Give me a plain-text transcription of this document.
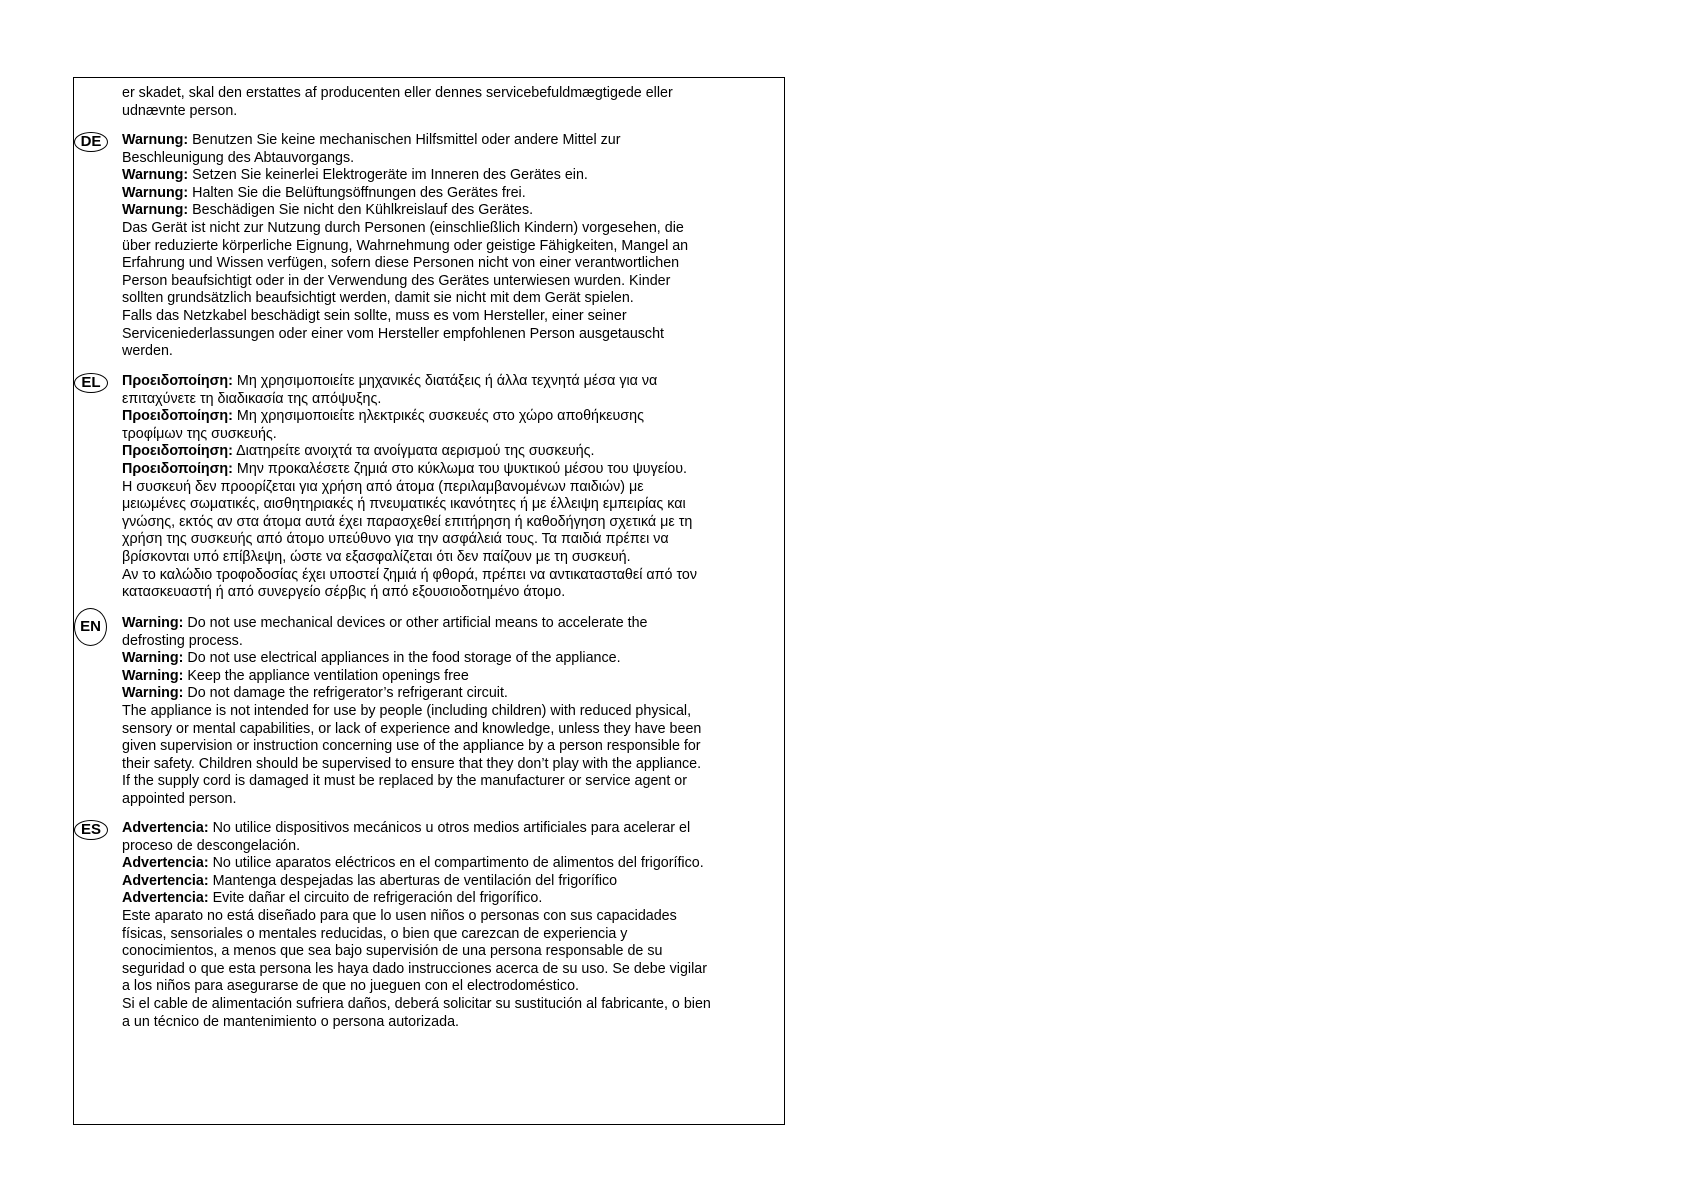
er skadet, skal den erstattes af producenten eller dennes servicebefuldmægtigede eller
udnævnte person.
DE	Warnung: Benutzen Sie keine mechanischen Hilfsmittel oder andere Mittel zur
Beschleunigung des Abtauvorgangs.
Warnung: Setzen Sie keinerlei Elektrogeräte im Inneren des Gerätes ein.
Warnung: Halten Sie die Belüftungsöffnungen des Gerätes frei.
Warnung: Beschädigen Sie nicht den Kühlkreislauf des Gerätes.
Das Gerät ist nicht zur Nutzung durch Personen (einschließlich Kindern) vorgesehen, die
über reduzierte körperliche Eignung, Wahrnehmung oder geistige Fähigkeiten, Mangel an
Erfahrung und Wissen verfügen, sofern diese Personen nicht von einer verantwortlichen
Person beaufsichtigt oder in der Verwendung des Gerätes unterwiesen wurden. Kinder
sollten grundsätzlich beaufsichtigt werden, damit sie nicht mit dem Gerät spielen.
Falls das Netzkabel beschädigt sein sollte, muss es vom Hersteller, einer seiner
Serviceniederlassungen oder einer vom Hersteller empfohlenen Person ausgetauscht
werden.
EL	Προειδοποίηση: Μη χρησιμοποιείτε μηχανικές διατάξεις ή άλλα τεχνητά μέσα για να
επιταχύνετε τη διαδικασία της απόψυξης.
Προειδοποίηση: Μη χρησιμοποιείτε ηλεκτρικές συσκευές στο χώρο αποθήκευσης
τροφίμων της συσκευής.
Προειδοποίηση: Διατηρείτε ανοιχτά τα ανοίγματα αερισμού της συσκευής.
Προειδοποίηση: Μην προκαλέσετε ζημιά στο κύκλωμα του ψυκτικού μέσου του ψυγείου.
Η συσκευή δεν προορίζεται για χρήση από άτομα (περιλαμβανομένων παιδιών) με
μειωμένες σωματικές, αισθητηριακές ή πνευματικές ικανότητες ή με έλλειψη εμπειρίας και
γνώσης, εκτός αν στα άτομα αυτά έχει παρασχεθεί επιτήρηση ή καθοδήγηση σχετικά με τη
χρήση της συσκευής από άτομο υπεύθυνο για την ασφάλειά τους. Τα παιδιά πρέπει να
βρίσκονται υπό επίβλεψη, ώστε να εξασφαλίζεται ότι δεν παίζουν με τη συσκευή.
Αν το καλώδιο τροφοδοσίας έχει υποστεί ζημιά ή φθορά, πρέπει να αντικατασταθεί από τον
κατασκευαστή ή από συνεργείο σέρβις ή από εξουσιοδοτημένο άτομο.
EN	Warning: Do not use mechanical devices or other artificial means to accelerate the
defrosting process.
Warning: Do not use electrical appliances in the food storage of the appliance.
Warning: Keep the appliance ventilation openings free
Warning: Do not damage the refrigerator’s refrigerant circuit.
The appliance is not intended for use by people (including children) with reduced physical,
sensory or mental capabilities, or lack of experience and knowledge, unless they have been
given supervision or instruction concerning use of the appliance by a person responsible for
their safety. Children should be supervised to ensure that they don’t play with the appliance.
If the supply cord is damaged it must be replaced by the manufacturer or service agent or
appointed person.
ES	Advertencia: No utilice dispositivos mecánicos u otros medios artificiales para acelerar el
proceso de descongelación.
Advertencia: No utilice aparatos eléctricos en el compartimento de alimentos del frigorífico.
Advertencia: Mantenga despejadas las aberturas de ventilación del frigorífico
Advertencia: Evite dañar el circuito de refrigeración del frigorífico.
Este aparato no está diseñado para que lo usen niños o personas con sus capacidades
físicas, sensoriales o mentales reducidas, o bien que carezcan de experiencia y
conocimientos, a menos que sea bajo supervisión de una persona responsable de su
seguridad o que esta persona les haya dado instrucciones acerca de su uso. Se debe vigilar
a los niños para asegurarse de que no jueguen con el electrodoméstico.
Si el cable de alimentación sufriera daños, deberá solicitar su sustitución al fabricante, o bien
a un técnico de mantenimiento o persona autorizada.
